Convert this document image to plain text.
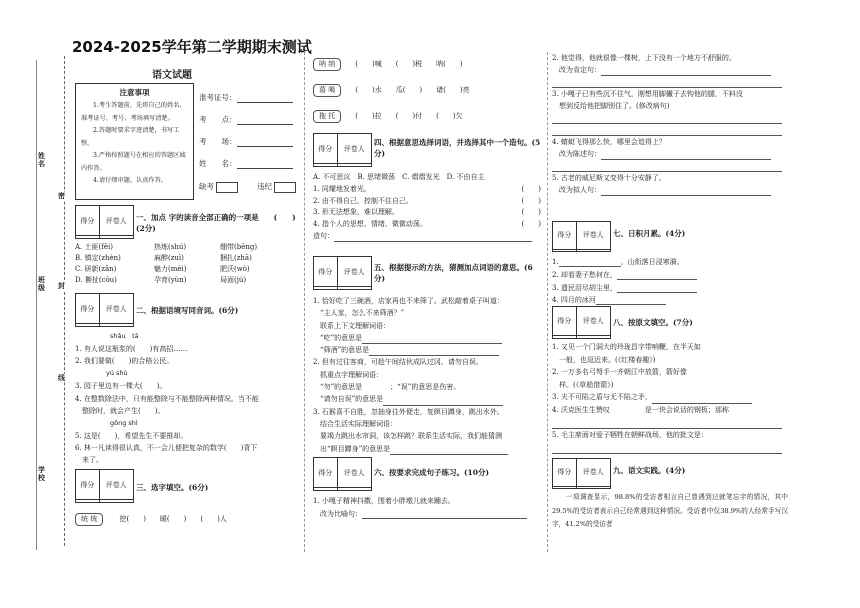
2024-2025学年第二学期期末测试
语文试题
姓名
班级
学校
密
封
线
注意事项

1.考生答题前，先将自己的姓名、准考证号、考号、考场填写清楚。

2.答题时要求字迹清楚，书写工整。

3.严格按照题号在相应的答题区域内作答。

4.请仔细审题，认真作答。

准考证号：
考　　点：
考　　场：
姓　　名：
缺考	违纪
得分	评卷人
	一、加点 字的读音全部正确的一项是　　(　　)(2分)
A. 土匪(fěi)	热炼(shú)	绷带(bēng)
B. 镇定(zhèn)	麻醉(zuì)	捆扎(zhā)
C. 研新(zǎn)	魅力(mèi)	肥沃(wò)
D. 撕扯(cōu)	孕育(yùn)	局面(jú)
得分	评卷人
	二、根据语境写同音词。(6分)
shǎu　tā
1. 有人说这瓶浆的(　　)有高招……
2. 我们要做(　　)的合格公民。
yú shù
3. 园子里边有一棵大(　　)。
4. 在整数除法中，只有能整除与不能整除两种情况。当不能
　整除时，就会产生(　　)。
gōng shì
5. 这是(　　)，希望先生不要推却。
6. 林一凡读得很认真，不一会儿便把复杂的数学(　　)背下
　来了。
得分	评卷人
	三、选字填空。(6分)
统 统	挖(　　)　　暖(　　)　　(　　)人
呐 纳	(　　)喊　　(　　)税　　呐(　　)
葛 喝	(　　)水　　瓜(　　)　　诸(　　)亮
拖 托	(　　)拉　　(　　)付　　(　　)欠
得分	评卷人

四、根据意思选择词语，并选择其中一个造句。(5分)
A. 不可思议　B. 思绪微荡　C. 熠熠发光　D. 不由自主
1. 同耀地发着光。	(　　)
2. 由不得自己，控制不住自己。	(　　)
3. 形无法想象，难以理解。	(　　)
4. 指个人的思想、情绪、微微动荡。	(　　)
造句：
得分	评卷人
	五、根据提示的方法，猜测加点词语的意思。(6分)
1. 恰好吃了三碗酒，店家再也不来筛了。武松敲着桌子叫道：
　“主人家，怎么不来筛酒？”
　联系上下文理解词语：
　“吃”的意思是
　“筛酒”的意思是
2. 但有过往客商，可趁午间结伙成队过冈，请勿自误。
　抓重点字理解词语：
　“勿”的意思是　　　　；“误”的意思是伤害。
　“请勿自误”的意思是
3. 石猴喜不自胜，忽抽身往外便走，复瞑目蹲身，跳出水外。
　结合生活实际理解词语：
　要竭力跳出水帘洞，该怎样跳？联系生活实际，我们能猜测
　出“瞑目蹲身”的意思是
得分	评卷人
	六、按要求完成句子练习。(10分)
1. 小嘎子精神抖擞，围着小胖墩儿就来蹦去。
　改为比喻句：
2. 他觉得，他就很像一棵树，上下没有一个地方不舒服的。
　改为肯定句：
3. 小嘎子已有些沉不住气，刚想用脚撇子去钩他的腿，不料没
　想到反给他把脚别住了。(修改病句)
4. 蜻蜓飞得那么快，哪里会追得上？
　改为陈述句：
5. 古老的威尼斯又变得十分安静了。
　改为拟人句：
得分	评卷人
	七、日积月累。(4分)
1.	，山衔落日浸寒漪。
2. 却看妻子愁何在，
3. 遗民泪尽胡尘里，
4. 四月的冰河
得分	评卷人
	八、按原文填空。(7分)
1. 又见一个门洞大的玲珑昌字带响鞭，在半天如
　一般，也逗近来。(《红楼春趣》)
2. 一万多名弓弩手一齐朝江中放箭，箭好像
　样。(《草船借箭》)
3. 夫不可陷之盾与无不陷之矛，
4. 沃克医生生赞叹　　　　　是一块会说话的钢板；那称
5. 毛主席面对爱子牺牲在朝鲜战场，他的批文是：
得分	评卷人
	九、语文实践。(4分)
一项调查显示，98.8%的受访者相言自己曾遇到过就笔忘字的情况，其中29.5%的受访者表示自己经常遇到这种情况。受访者中仅38.9%的人经常手写汉字，41.2%的受访者
